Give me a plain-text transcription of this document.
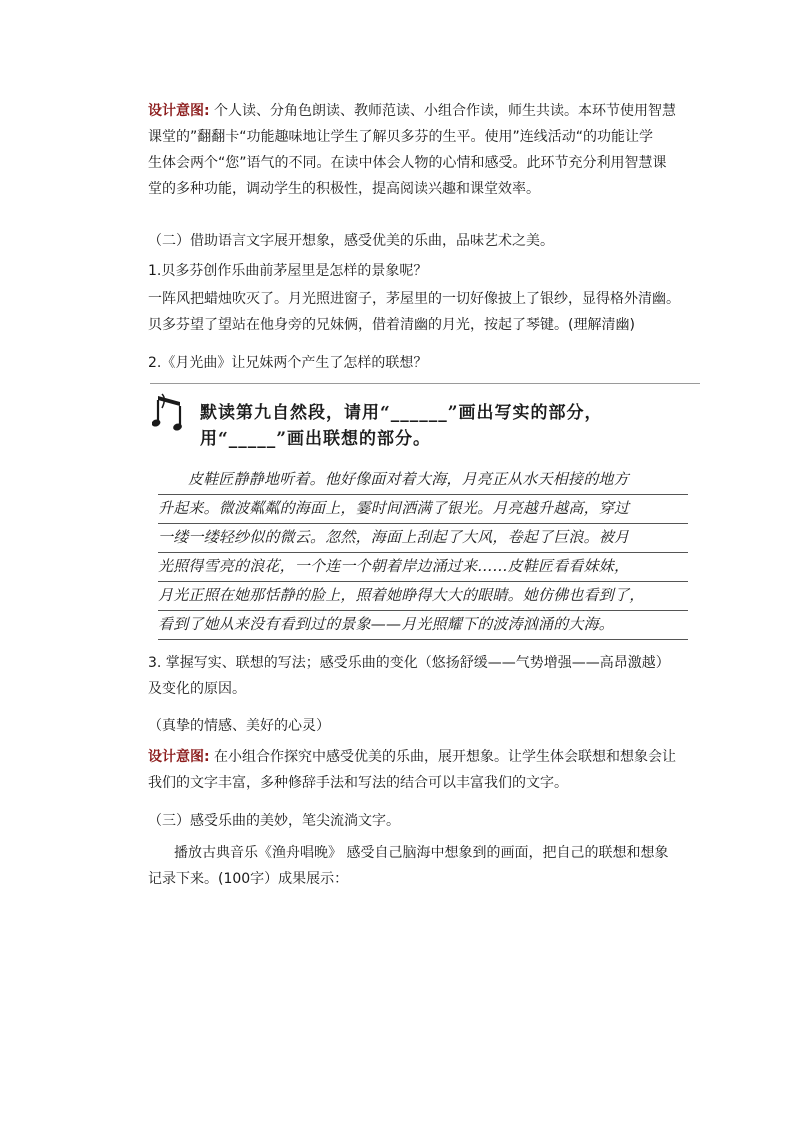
设计意图: 个人读、分角色朗读、教师范读、小组合作读，师生共读。本环节使用智慧
课堂的”翻翻卡“功能趣味地让学生了解贝多芬的生平。使用”连线活动“的功能让学
生体会两个“您”语气的不同。在读中体会人物的心情和感受。此环节充分利用智慧课
堂的多种功能，调动学生的积极性，提高阅读兴趣和课堂效率。
（二）借助语言文字展开想象，感受优美的乐曲，品味艺术之美。
1.贝多芬创作乐曲前茅屋里是怎样的景象呢？
一阵风把蜡烛吹灭了。月光照进窗子，茅屋里的一切好像披上了银纱，显得格外清幽。
贝多芬望了望站在他身旁的兄妹俩，借着清幽的月光，按起了琴键。(理解清幽)
2.《月光曲》让兄妹两个产生了怎样的联想？
默读第九自然段，请用“______”画出写实的部分，
用“_____”画出联想的部分。
皮鞋匠静静地听着。他好像面对着大海，月亮正从水天相接的地方
升起来。微波粼粼的海面上，霎时间洒满了银光。月亮越升越高，穿过
一缕一缕轻纱似的微云。忽然，海面上刮起了大风，卷起了巨浪。被月
光照得雪亮的浪花，一个连一个朝着岸边涌过来……皮鞋匠看看妹妹，
月光正照在她那恬静的脸上，照着她睁得大大的眼睛。她仿佛也看到了，
看到了她从来没有看到过的景象——月光照耀下的波涛汹涌的大海。
3. 掌握写实、联想的写法；感受乐曲的变化（悠扬舒缓——气势增强——高昂激越）
及变化的原因。
（真挚的情感、美好的心灵）
设计意图: 在小组合作探究中感受优美的乐曲，展开想象。让学生体会联想和想象会让
我们的文字丰富，多种修辞手法和写法的结合可以丰富我们的文字。
（三）感受乐曲的美妙，笔尖流淌文字。
播放古典音乐《渔舟唱晚》 感受自己脑海中想象到的画面，把自己的联想和想象
记录下来。(100字）成果展示：
